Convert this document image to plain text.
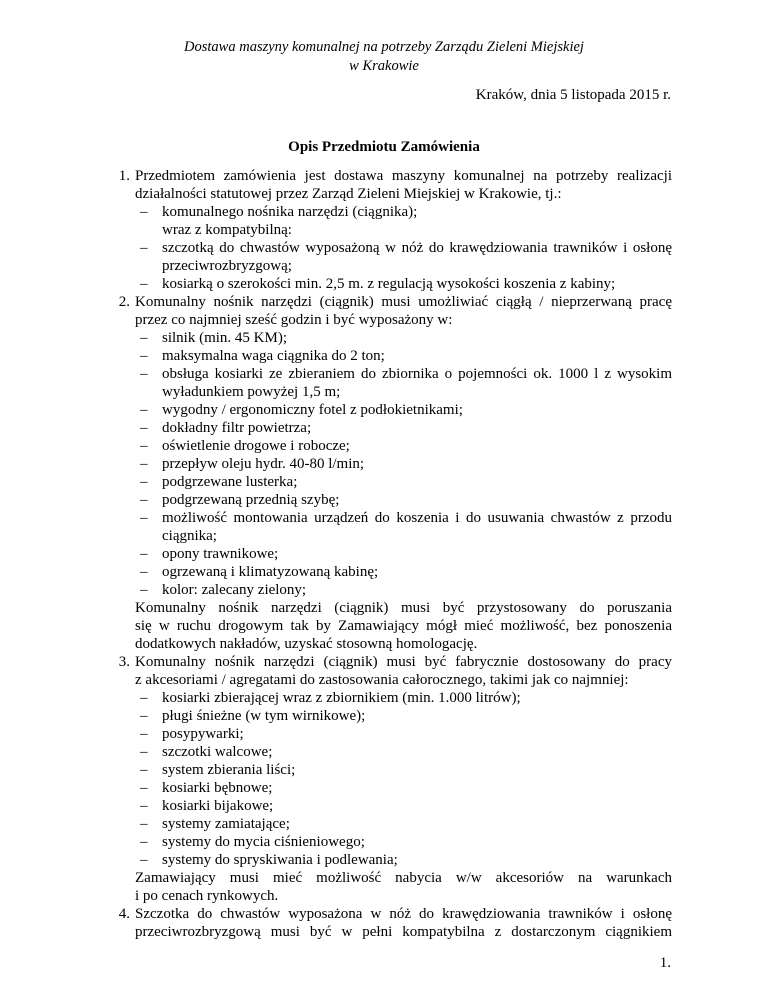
Dostawa maszyny komunalnej na potrzeby Zarządu Zieleni Miejskiej
w Krakowie
Kraków, dnia 5 listopada 2015 r.
Opis Przedmiotu Zamówienia
1. Przedmiotem zamówienia jest dostawa maszyny komunalnej na potrzeby realizacji
działalności statutowej przez Zarząd Zieleni Miejskiej w Krakowie, tj.:
– komunalnego nośnika narzędzi (ciągnika);
wraz z kompatybilną:
– szczotką do chwastów wyposażoną w nóż do krawędziowania trawników i osłonę
przeciwrozbryzgową;
– kosiarką o szerokości min. 2,5 m. z regulacją wysokości koszenia z kabiny;
2. Komunalny nośnik narzędzi (ciągnik) musi umożliwiać ciągłą / nieprzerwaną pracę
przez co najmniej sześć godzin i być wyposażony w:
– silnik (min. 45 KM);
– maksymalna waga ciągnika do 2 ton;
– obsługa kosiarki ze zbieraniem do zbiornika o pojemności ok. 1000 l z wysokim
wyładunkiem powyżej 1,5 m;
– wygodny / ergonomiczny fotel z podłokietnikami;
– dokładny filtr powietrza;
– oświetlenie drogowe i robocze;
– przepływ oleju hydr. 40-80 l/min;
– podgrzewane lusterka;
– podgrzewaną przednią szybę;
– możliwość montowania urządzeń do koszenia i do usuwania chwastów z przodu
ciągnika;
– opony trawnikowe;
– ogrzewaną i klimatyzowaną kabinę;
– kolor: zalecany zielony;
Komunalny nośnik narzędzi (ciągnik) musi być przystosowany do poruszania
się w ruchu drogowym tak by Zamawiający mógł mieć możliwość, bez ponoszenia
dodatkowych nakładów, uzyskać stosowną homologację.
3. Komunalny nośnik narzędzi (ciągnik) musi być fabrycznie dostosowany do pracy
z akcesoriami / agregatami do zastosowania całorocznego, takimi jak co najmniej:
– kosiarki zbierającej wraz z zbiornikiem (min. 1.000 litrów);
– pługi śnieżne (w tym wirnikowe);
– posypywarki;
– szczotki walcowe;
– system zbierania liści;
– kosiarki bębnowe;
– kosiarki bijakowe;
– systemy zamiatające;
– systemy do mycia ciśnieniowego;
– systemy do spryskiwania i podlewania;
Zamawiający musi mieć możliwość nabycia w/w akcesoriów na warunkach
i po cenach rynkowych.
4. Szczotka do chwastów wyposażona w nóż do krawędziowania trawników i osłonę
przeciwrozbryzgową musi być w pełni kompatybilna z dostarczonym ciągnikiem
1.
